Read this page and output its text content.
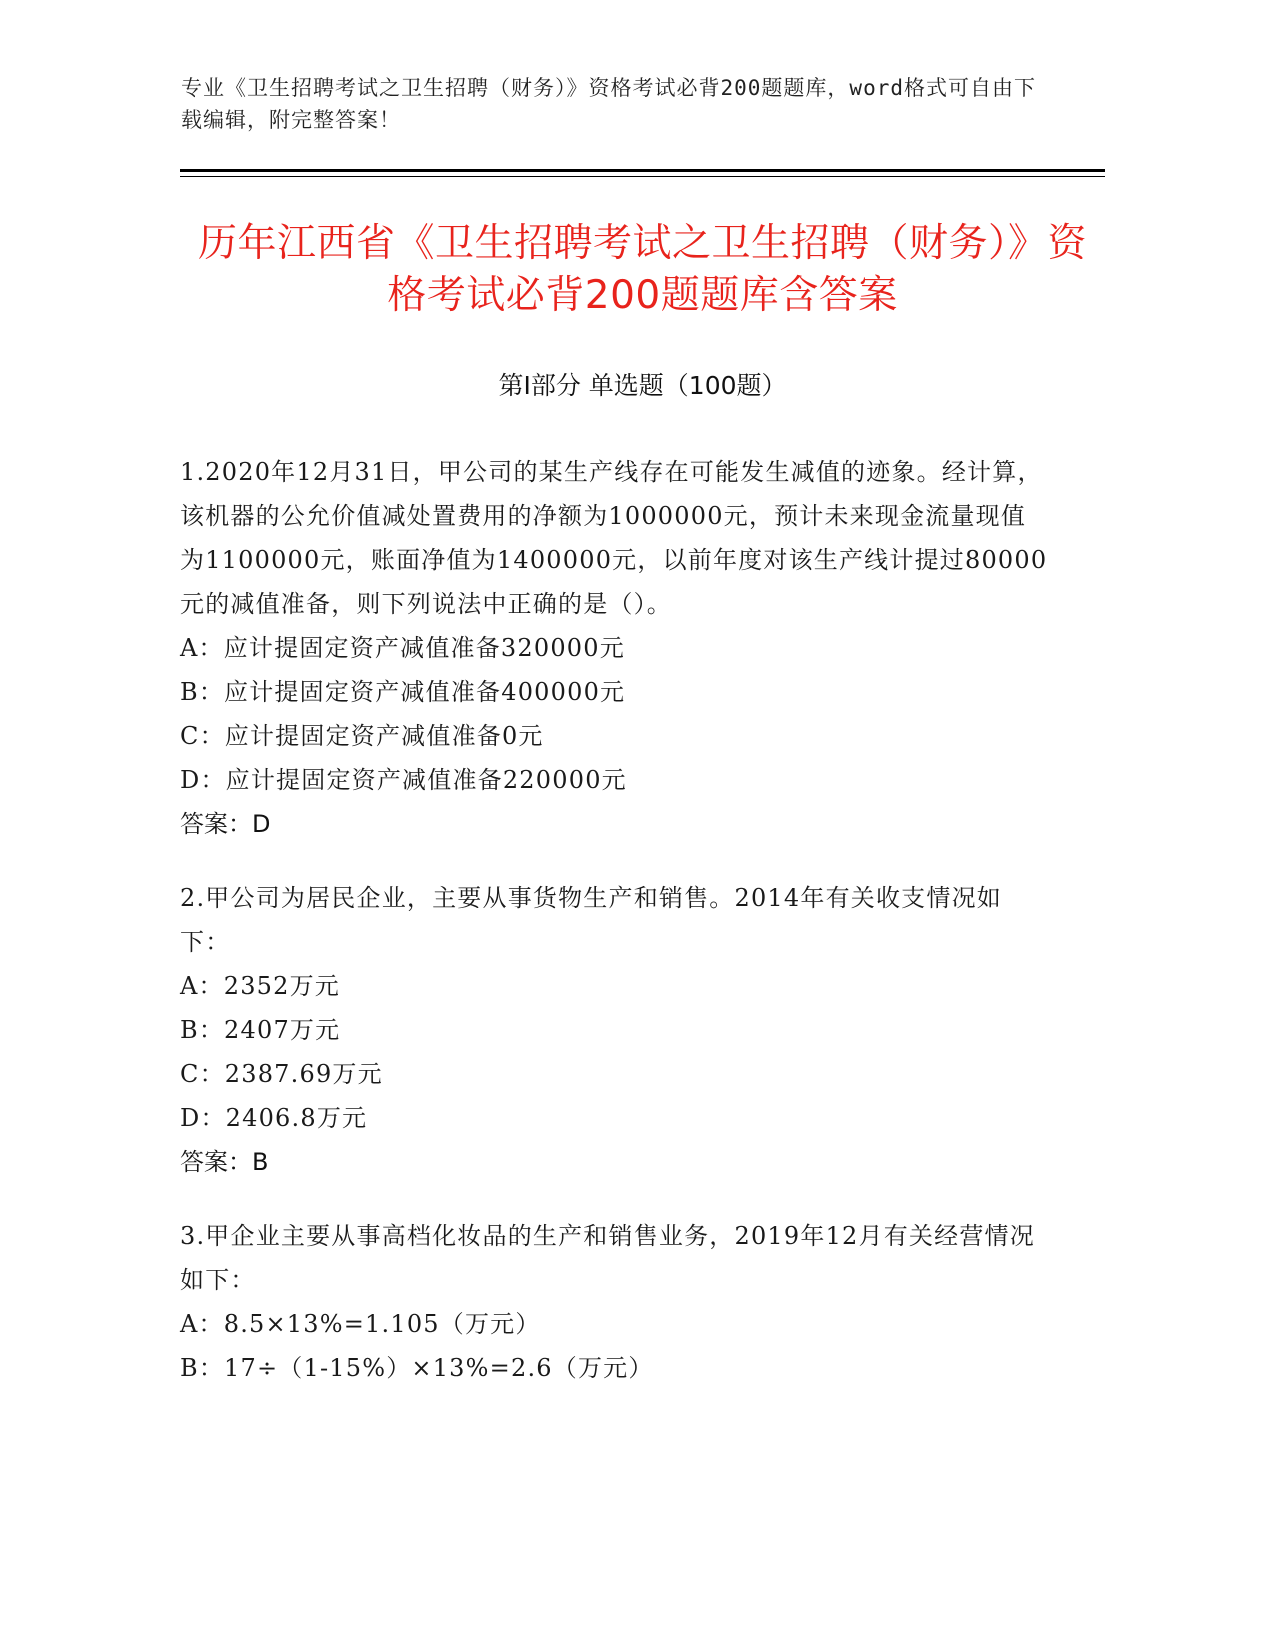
专业《卫生招聘考试之卫生招聘（财务）》资格考试必背200题题库，word格式可自由下载编辑，附完整答案！
历年江西省《卫生招聘考试之卫生招聘（财务）》资格考试必背200题题库含答案
第Ⅰ部分 单选题（100题）
1.2020年12月31日，甲公司的某生产线存在可能发生减值的迹象。经计算，该机器的公允价值减处置费用的净额为1000000元，预计未来现金流量现值为1100000元，账面净值为1400000元，以前年度对该生产线计提过80000元的减值准备，则下列说法中正确的是（）。
A：应计提固定资产减值准备320000元
B：应计提固定资产减值准备400000元
C：应计提固定资产减值准备0元
D：应计提固定资产减值准备220000元
答案：D
2.甲公司为居民企业，主要从事货物生产和销售。2014年有关收支情况如下：
A：2352万元
B：2407万元
C：2387.69万元
D：2406.8万元
答案：B
3.甲企业主要从事高档化妆品的生产和销售业务，2019年12月有关经营情况如下：
A：8.5×13%=1.105（万元）
B：17÷（1-15%）×13%=2.6（万元）
